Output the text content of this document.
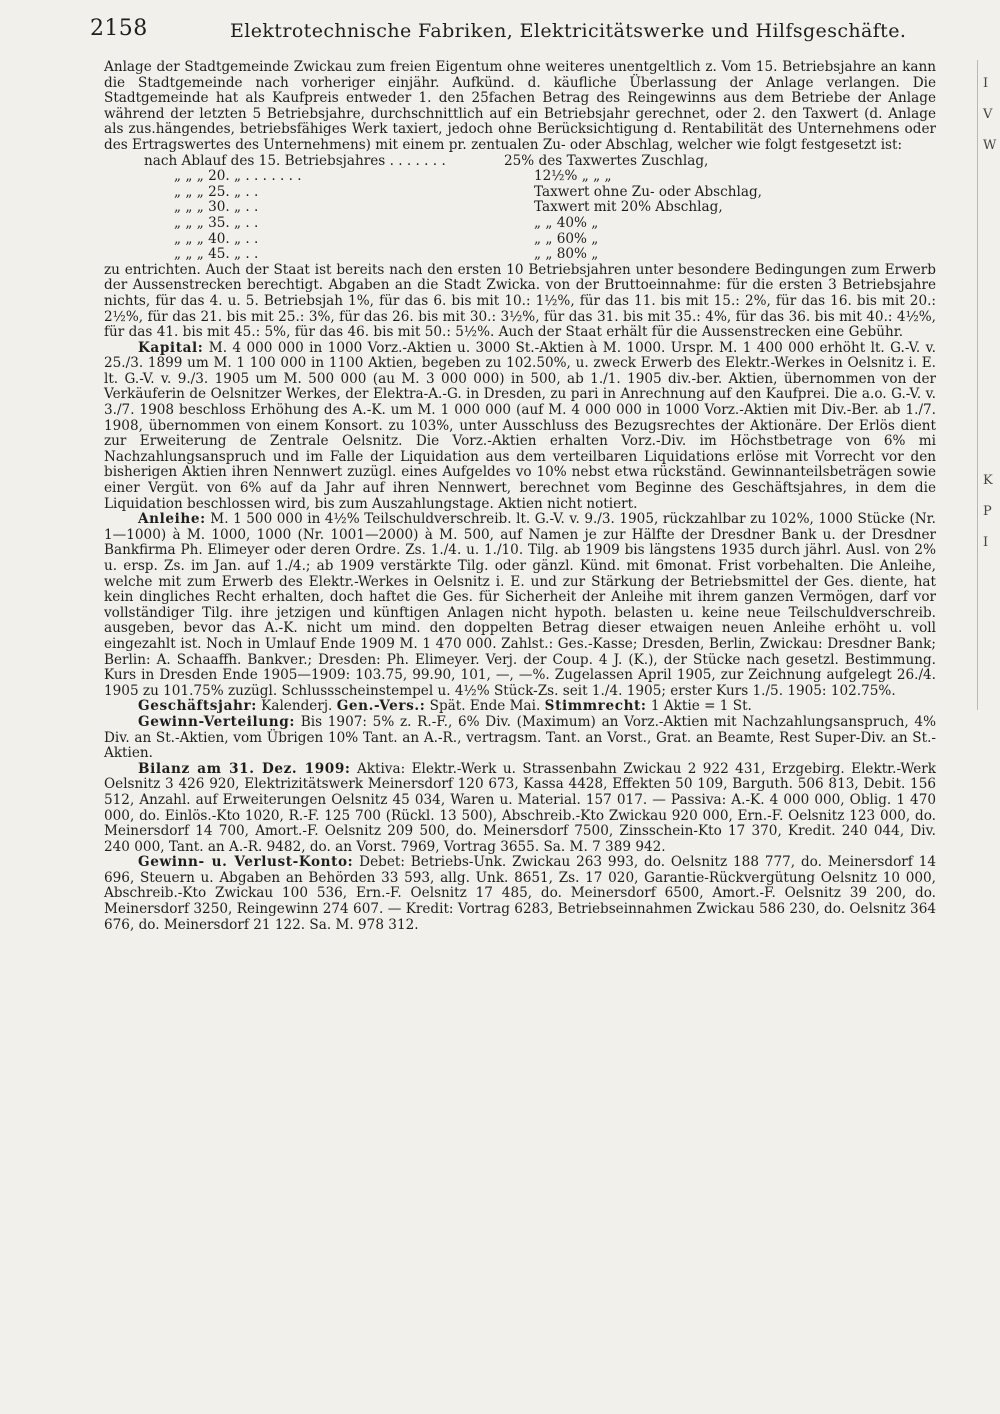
I
V
W
K
P
I
2158	Elektrotechnische Fabriken, Elektricitätswerke und Hilfsgeschäfte.

Anlage der Stadtgemeinde Zwickau zum freien Eigentum ohne weiteres unentgeltlich z. Vom 15. Betriebsjahre an kann die Stadtgemeinde nach vorheriger einjähr. Aufkünd. d. käufliche Überlassung der Anlage verlangen. Die Stadtgemeinde hat als Kaufpreis entweder 1. den 25fachen Betrag des Reingewinns aus dem Betriebe der Anlage während der letzten 5 Betriebsjahre, durchschnittlich auf ein Betriebsjahr gerechnet, oder 2. den Taxwert (d. Anlage als zus.hängendes, betriebsfähiges Werk taxiert, jedoch ohne Berücksichtigung d. Rentabilität des Unternehmens oder des Ertragswertes des Unternehmens) mit einem pr. zentualen Zu- oder Abschlag, welcher wie folgt festgesetzt ist:

nach Ablauf des 15. Betriebsjahres . . . . . . .	25% des Taxwertes Zuschlag,
„ „ „ 20. „ . . . . . . .	12½% „ „ „
„ „ „ 25. „ . .	Taxwert ohne Zu- oder Abschlag,
„ „ „ 30. „ . .	Taxwert mit 20% Abschlag,
„ „ „ 35. „ . .	„ „ 40% „
„ „ „ 40. „ . .	„ „ 60% „
„ „ „ 45. „ . .	„ „ 80% „

zu entrichten. Auch der Staat ist bereits nach den ersten 10 Betriebsjahren unter besondere Bedingungen zum Erwerb der Aussenstrecken berechtigt. Abgaben an die Stadt Zwicka. von der Bruttoeinnahme: für die ersten 3 Betriebsjahre nichts, für das 4. u. 5. Betriebsjah 1%, für das 6. bis mit 10.: 1½%, für das 11. bis mit 15.: 2%, für das 16. bis mit 20.: 2½%, für das 21. bis mit 25.: 3%, für das 26. bis mit 30.: 3½%, für das 31. bis mit 35.: 4%, für das 36. bis mit 40.: 4½%, für das 41. bis mit 45.: 5%, für das 46. bis mit 50.: 5½%. Auch der Staat erhält für die Aussenstrecken eine Gebühr.

Kapital: M. 4 000 000 in 1000 Vorz.-Aktien u. 3000 St.-Aktien à M. 1000. Urspr. M. 1 400 000 erhöht lt. G.-V. v. 25./3. 1899 um M. 1 100 000 in 1100 Aktien, begeben zu 102.50%, u. zweck Erwerb des Elektr.-Werkes in Oelsnitz i. E. lt. G.-V. v. 9./3. 1905 um M. 500 000 (au M. 3 000 000) in 500, ab 1./1. 1905 div.-ber. Aktien, übernommen von der Verkäuferin de Oelsnitzer Werkes, der Elektra-A.-G. in Dresden, zu pari in Anrechnung auf den Kaufprei. Die a.o. G.-V. v. 3./7. 1908 beschloss Erhöhung des A.-K. um M. 1 000 000 (auf M. 4 000 000 in 1000 Vorz.-Aktien mit Div.-Ber. ab 1./7. 1908, übernommen von einem Konsort. zu 103%, unter Ausschluss des Bezugsrechtes der Aktionäre. Der Erlös dient zur Erweiterung de Zentrale Oelsnitz. Die Vorz.-Aktien erhalten Vorz.-Div. im Höchstbetrage von 6% mi Nachzahlungsanspruch und im Falle der Liquidation aus dem verteilbaren Liquidations erlöse mit Vorrecht vor den bisherigen Aktien ihren Nennwert zuzügl. eines Aufgeldes vo 10% nebst etwa rückständ. Gewinnanteilsbeträgen sowie einer Vergüt. von 6% auf da Jahr auf ihren Nennwert, berechnet vom Beginne des Geschäftsjahres, in dem die Liquidation beschlossen wird, bis zum Auszahlungstage. Aktien nicht notiert.

Anleihe: M. 1 500 000 in 4½% Teilschuldverschreib. lt. G.-V. v. 9./3. 1905, rückzahlbar zu 102%, 1000 Stücke (Nr. 1—1000) à M. 1000, 1000 (Nr. 1001—2000) à M. 500, auf Namen je zur Hälfte der Dresdner Bank u. der Dresdner Bankfirma Ph. Elimeyer oder deren Ordre. Zs. 1./4. u. 1./10. Tilg. ab 1909 bis längstens 1935 durch jährl. Ausl. von 2% u. ersp. Zs. im Jan. auf 1./4.; ab 1909 verstärkte Tilg. oder gänzl. Künd. mit 6monat. Frist vorbehalten. Die Anleihe, welche mit zum Erwerb des Elektr.-Werkes in Oelsnitz i. E. und zur Stärkung der Betriebsmittel der Ges. diente, hat kein dingliches Recht erhalten, doch haftet die Ges. für Sicherheit der Anleihe mit ihrem ganzen Vermögen, darf vor vollständiger Tilg. ihre jetzigen und künftigen Anlagen nicht hypoth. belasten u. keine neue Teilschuldverschreib. ausgeben, bevor das A.-K. nicht um mind. den doppelten Betrag dieser etwaigen neuen Anleihe erhöht u. voll eingezahlt ist. Noch in Umlauf Ende 1909 M. 1 470 000. Zahlst.: Ges.-Kasse; Dresden, Berlin, Zwickau: Dresdner Bank; Berlin: A. Schaaffh. Bankver.; Dresden: Ph. Elimeyer. Verj. der Coup. 4 J. (K.), der Stücke nach gesetzl. Bestimmung. Kurs in Dresden Ende 1905—1909: 103.75, 99.90, 101, —, —%. Zugelassen April 1905, zur Zeichnung aufgelegt 26./4. 1905 zu 101.75% zuzügl. Schlussscheinstempel u. 4½% Stück-Zs. seit 1./4. 1905; erster Kurs 1./5. 1905: 102.75%.

Geschäftsjahr: Kalenderj. Gen.-Vers.: Spät. Ende Mai. Stimmrecht: 1 Aktie = 1 St.

Gewinn-Verteilung: Bis 1907: 5% z. R.-F., 6% Div. (Maximum) an Vorz.-Aktien mit Nachzahlungsanspruch, 4% Div. an St.-Aktien, vom Übrigen 10% Tant. an A.-R., vertragsm. Tant. an Vorst., Grat. an Beamte, Rest Super-Div. an St.-Aktien.

Bilanz am 31. Dez. 1909: Aktiva: Elektr.-Werk u. Strassenbahn Zwickau 2 922 431, Erzgebirg. Elektr.-Werk Oelsnitz 3 426 920, Elektrizitätswerk Meinersdorf 120 673, Kassa 4428, Effekten 50 109, Barguth. 506 813, Debit. 156 512, Anzahl. auf Erweiterungen Oelsnitz 45 034, Waren u. Material. 157 017. — Passiva: A.-K. 4 000 000, Oblig. 1 470 000, do. Einlös.-Kto 1020, R.-F. 125 700 (Rückl. 13 500), Abschreib.-Kto Zwickau 920 000, Ern.-F. Oelsnitz 123 000, do. Meinersdorf 14 700, Amort.-F. Oelsnitz 209 500, do. Meinersdorf 7500, Zinsschein-Kto 17 370, Kredit. 240 044, Div. 240 000, Tant. an A.-R. 9482, do. an Vorst. 7969, Vortrag 3655. Sa. M. 7 389 942.

Gewinn- u. Verlust-Konto: Debet: Betriebs-Unk. Zwickau 263 993, do. Oelsnitz 188 777, do. Meinersdorf 14 696, Steuern u. Abgaben an Behörden 33 593, allg. Unk. 8651, Zs. 17 020, Garantie-Rückvergütung Oelsnitz 10 000, Abschreib.-Kto Zwickau 100 536, Ern.-F. Oelsnitz 17 485, do. Meinersdorf 6500, Amort.-F. Oelsnitz 39 200, do. Meinersdorf 3250, Reingewinn 274 607. — Kredit: Vortrag 6283, Betriebseinnahmen Zwickau 586 230, do. Oelsnitz 364 676, do. Meinersdorf 21 122. Sa. M. 978 312.
